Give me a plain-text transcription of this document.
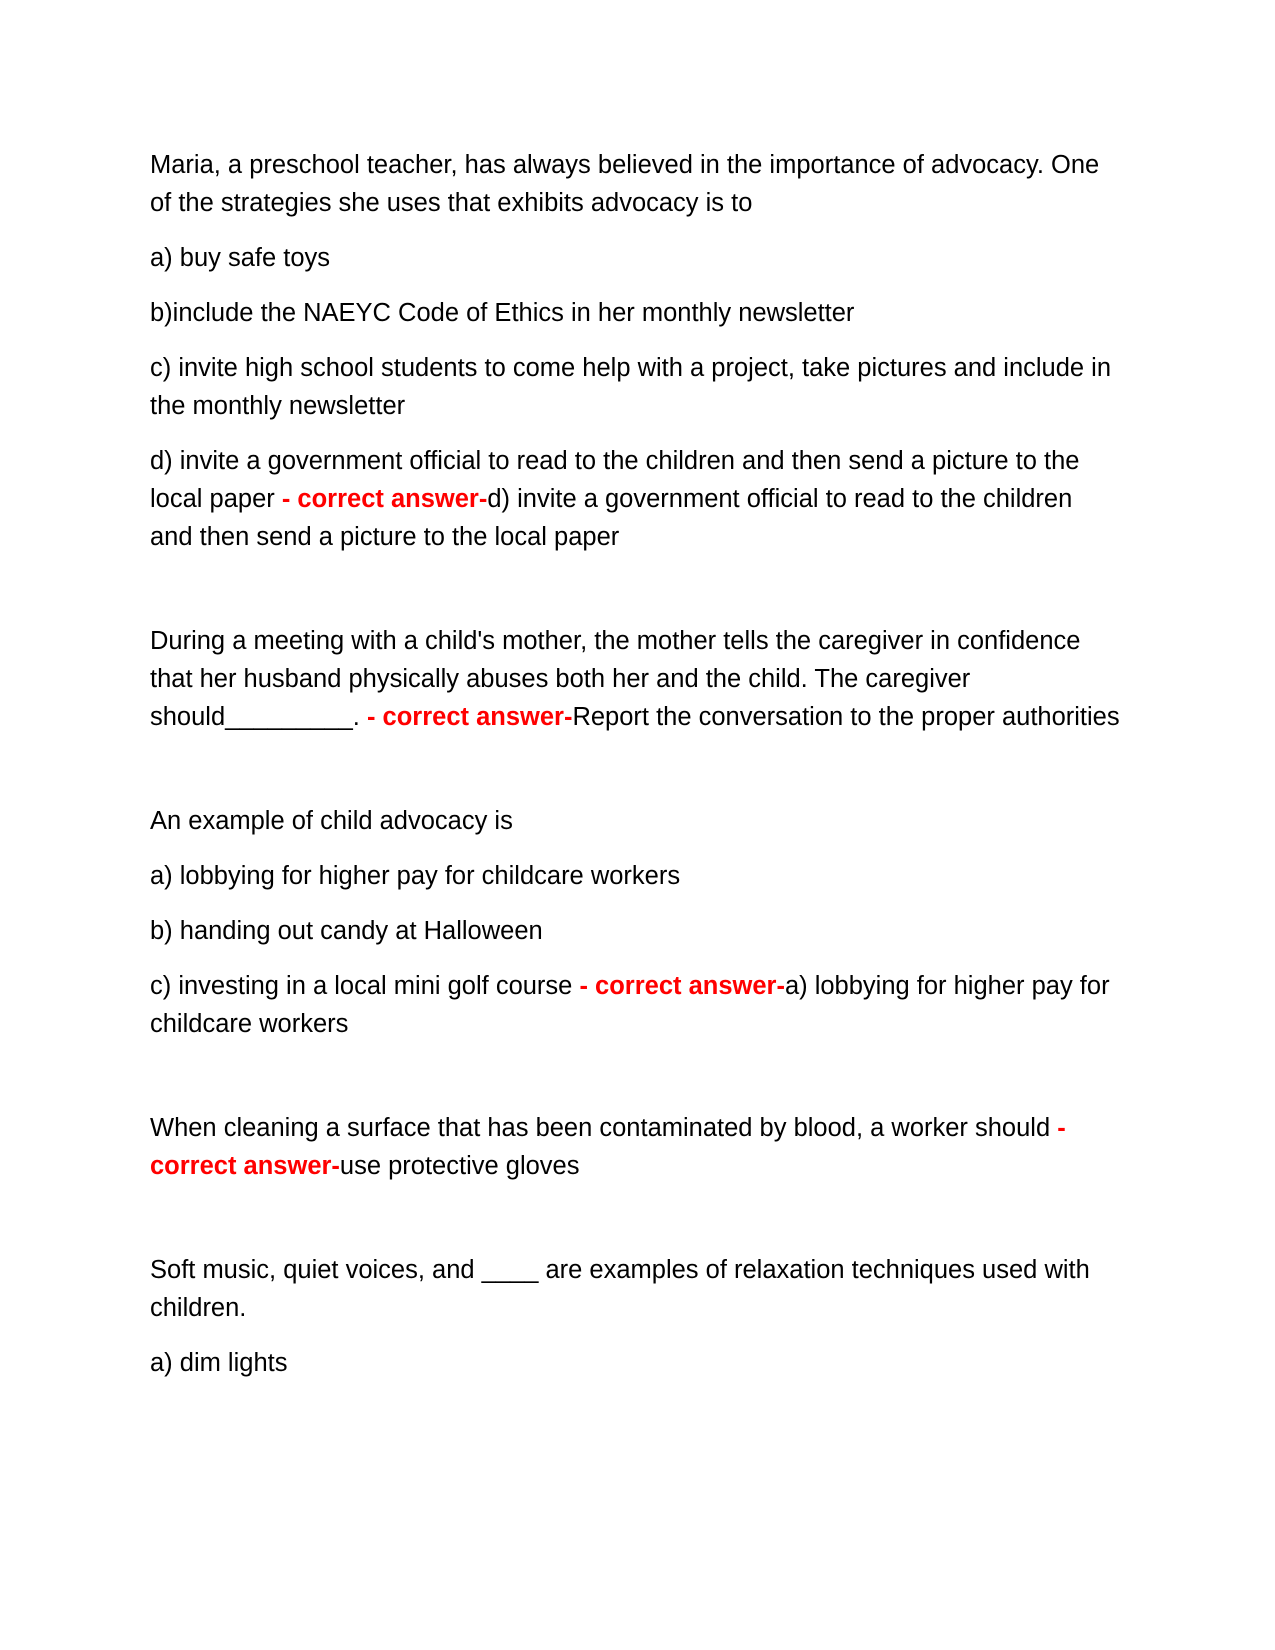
Maria, a preschool teacher, has always believed in the importance of advocacy. One of the strategies she uses that exhibits advocacy is to
a) buy safe toys
b)include the NAEYC Code of Ethics in her monthly newsletter
c) invite high school students to come help with a project, take pictures and include in the monthly newsletter
d) invite a government official to read to the children and then send a picture to the local paper - correct answer-d) invite a government official to read to the children and then send a picture to the local paper
During a meeting with a child's mother, the mother tells the caregiver in confidence that her husband physically abuses both her and the child. The caregiver should_________. - correct answer-Report the conversation to the proper authorities
An example of child advocacy is
a) lobbying for higher pay for childcare workers
b) handing out candy at Halloween
c) investing in a local mini golf course - correct answer-a) lobbying for higher pay for childcare workers
When cleaning a surface that has been contaminated by blood, a worker should - correct answer-use protective gloves
Soft music, quiet voices, and ____ are examples of relaxation techniques used with children.
a) dim lights
